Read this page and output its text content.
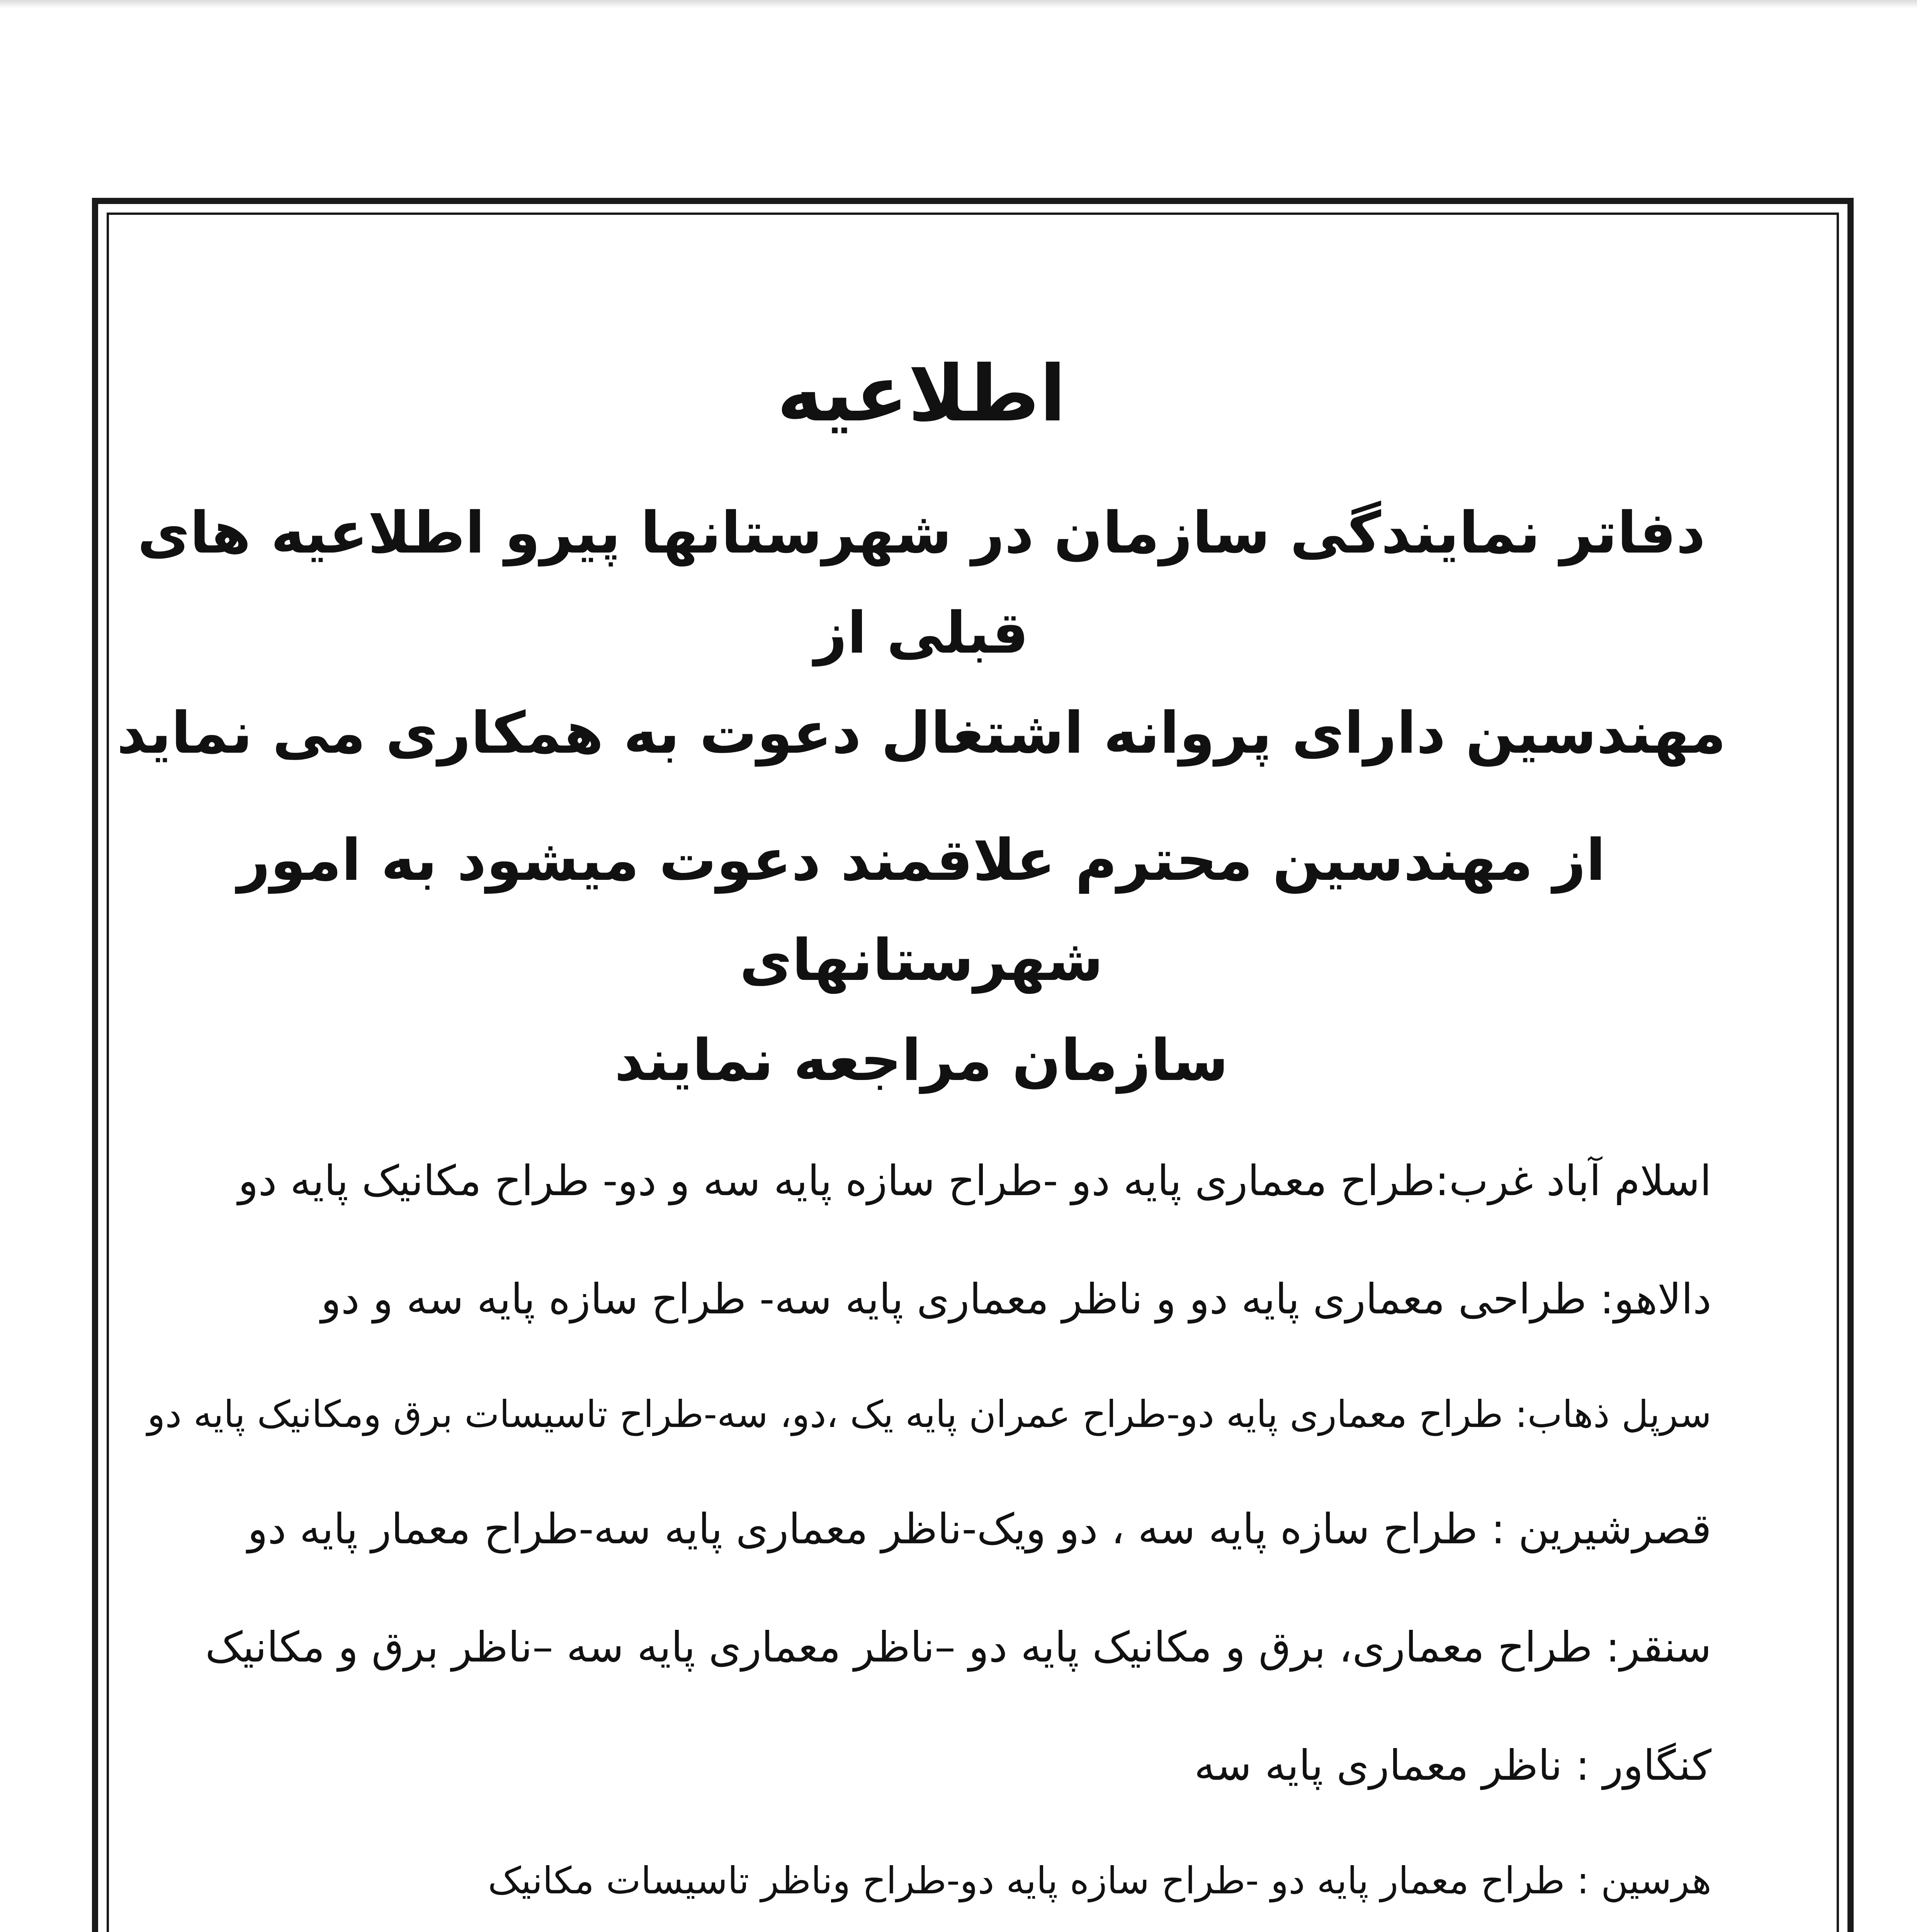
اطلاعیه

دفاتر نمایندگی سازمان در شهرستانها پیرو اطلاعیه های قبلی از
مهندسین دارای پروانه اشتغال دعوت به همکاری می نماید

از مهندسین محترم علاقمند دعوت میشود به امور شهرستانهای
سازمان مراجعه نمایند

اسلام آباد غرب:طراح معماری پایه دو -طراح سازه پایه سه و دو- طراح مکانیک پایه دو
دالاهو: طراحی معماری پایه دو و ناظر معماری پایه سه- طراح سازه پایه سه و دو
سرپل ذهاب: طراح معماری پایه دو-طراح عمران پایه یک ،دو، سه-طراح تاسیسات برق ومکانیک پایه دو
قصرشیرین : طراح سازه پایه سه ، دو ویک-ناظر معماری پایه سه-طراح معمار پایه دو
سنقر: طراح معماری، برق و مکانیک پایه دو –ناظر معماری پایه سه –ناظر برق و مکانیک
کنگاور : ناظر معماری پایه سه
هرسین : طراح معمار پایه دو -طراح سازه پایه دو-طراح وناظر تاسیسات مکانیک
